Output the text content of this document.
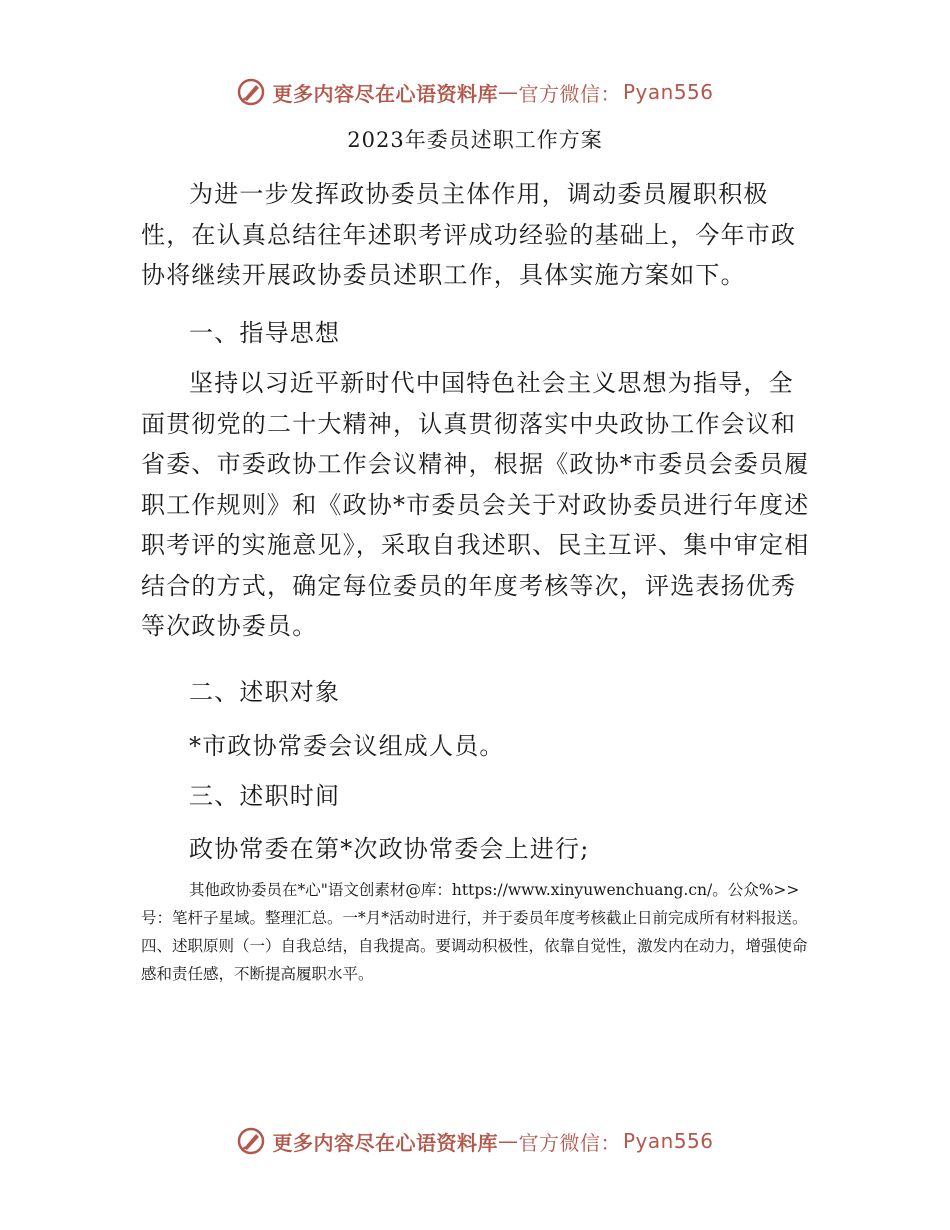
更多内容尽在心语资料库 — 官方微信： Pyan556
2023年委员述职工作方案

为进一步发挥政协委员主体作用，调动委员履职积极性，在认真总结往年述职考评成功经验的基础上，今年市政协将继续开展政协委员述职工作，具体实施方案如下。

一、指导思想

坚持以习近平新时代中国特色社会主义思想为指导，全面贯彻党的二十大精神，认真贯彻落实中央政协工作会议和省委、市委政协工作会议精神，根据《政协*市委员会委员履职工作规则》和《政协*市委员会关于对政协委员进行年度述职考评的实施意见》，采取自我述职、民主互评、集中审定相结合的方式，确定每位委员的年度考核等次，评选表扬优秀等次政协委员。

二、述职对象

*市政协常委会议组成人员。

三、述职时间

政协常委在第*次政协常委会上进行;

其他政协委员在*心"语文创素材@库：https://www.xinyuwenchuang.cn/。公众%>>号：笔杆子星域。整理汇总。一*月*活动时进行，并于委员年度考核截止日前完成所有材料报送。四、述职原则（一）自我总结，自我提高。要调动积极性，依靠自觉性，激发内在动力，增强使命感和责任感，不断提高履职水平。

更多内容尽在心语资料库 — 官方微信： Pyan556
